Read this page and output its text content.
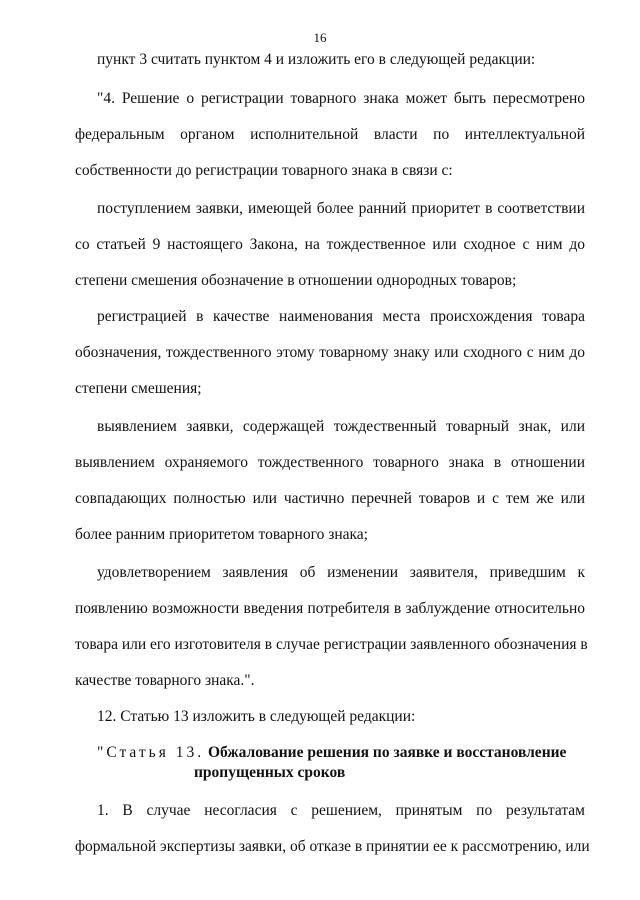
16
пункт 3 считать пунктом 4 и изложить его в следующей редакции:
"4. Решение о регистрации товарного знака может быть пересмотрено
федеральным органом исполнительной власти по интеллектуальной
собственности до регистрации товарного знака в связи с:
поступлением заявки, имеющей более ранний приоритет в соответствии
со статьей 9 настоящего Закона, на тождественное или сходное с ним до
степени смешения обозначение в отношении однородных товаров;
регистрацией в качестве наименования места происхождения товара
обозначения, тождественного этому товарному знаку или сходного с ним до
степени смешения;
выявлением заявки, содержащей тождественный товарный знак, или
выявлением охраняемого тождественного товарного знака в отношении
совпадающих полностью или частично перечней товаров и с тем же или
более ранним приоритетом товарного знака;
удовлетворением заявления об изменении заявителя, приведшим к
появлению возможности введения потребителя в заблуждение относительно
товара или его изготовителя в случае регистрации заявленного обозначения в
качестве товарного знака.".
12. Статью 13 изложить в следующей редакции:
"Статья 13. Обжалование решения по заявке и восстановление
пропущенных сроков
1. В случае несогласия с решением, принятым по результатам
формальной экспертизы заявки, об отказе в принятии ее к рассмотрению, или
